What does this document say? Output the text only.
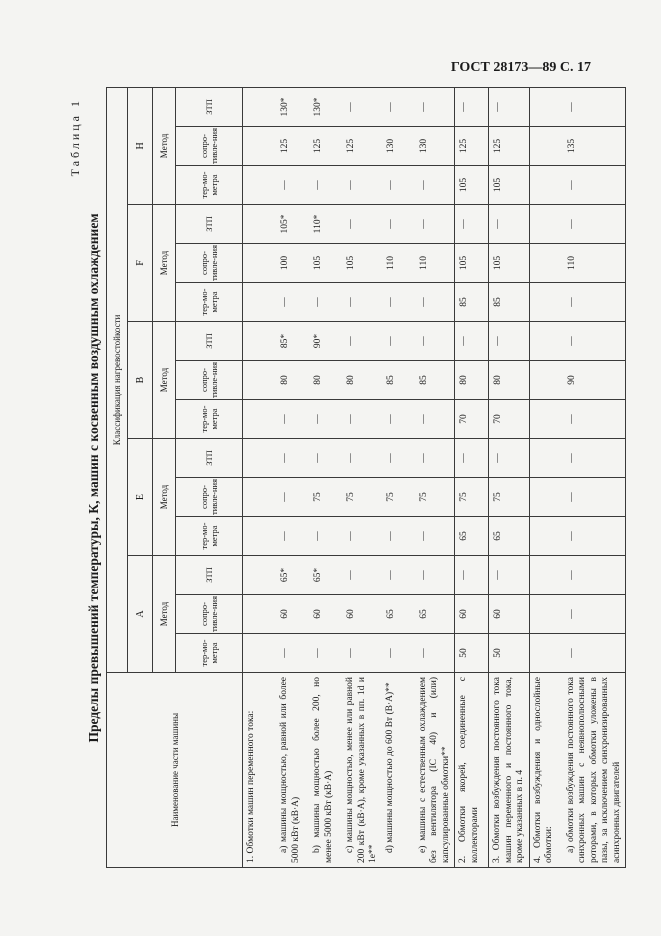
ГОСТ 28173—89 С. 17
Таблица 1
Пределы превышений температуры, К, машин с косвенным воздушным охлаждением
Наименование части машины	Классификация нагревостойкости														
	А			Е			В			F			Н		
	Метод			Метод			Метод			Метод			Метод		
	тер-мо-метра	сопро-тивле-ния	ЗТП	тер-мо-метра	сопро-тивле-ния	ЗТП	тер-мо-метра	сопро-тивле-ния	ЗТП	тер-мо-метра	сопро-тивле-ния	ЗТП	тер-мо-метра	сопро-тивле-ния	ЗТП
1. Обмотки машин переменного тока:															
а) машины мощностью, равной или более 5000 кВт (кВ·А)	—	60	65*	—	—	—	—	80	85*	—	100	105*	—	125	130*
b) машины мощностью более 200, но менее 5000 кВт (кВ·А)	—	60	65*	—	75	—	—	80	90*	—	105	110*	—	125	130*
c) машины мощностью, менее или равной 200 кВт (кВ·А), кроме указанных в пп. 1d и 1e**	—	60	—	—	75	—	—	80	—	—	105	—	—	125	—
d) машины мощностью до 600 Вт (В·А)**	—	65	—	—	75	—	—	85	—	—	110	—	—	130	—
e) машины с естественным охлаждением без вентилятора (IC 40) и (или) капсулированные обмотки**	—	65	—	—	75	—	—	85	—	—	110	—	—	130	—
2. Обмотки якорей, соединенные с коллекторами	50	60	—	65	75	—	70	80	—	85	105	—	105	125	—
3. Обмотки возбуждения постоянного тока машин переменного и постоянного тока, кроме указанных в п. 4	50	60	—	65	75	—	70	80	—	85	105	—	105	125	—
4. Обмотки возбуждения и однослойные обмотки:															
а) обмотки возбуждения постоянного тока синхронных машин с неявнополюсными роторами, в которых обмотки уложены в пазы, за исключением синхронизированных асинхронных двигателей	—	—	—	—	—	—	—	90	—	—	110	—	—	135	—
